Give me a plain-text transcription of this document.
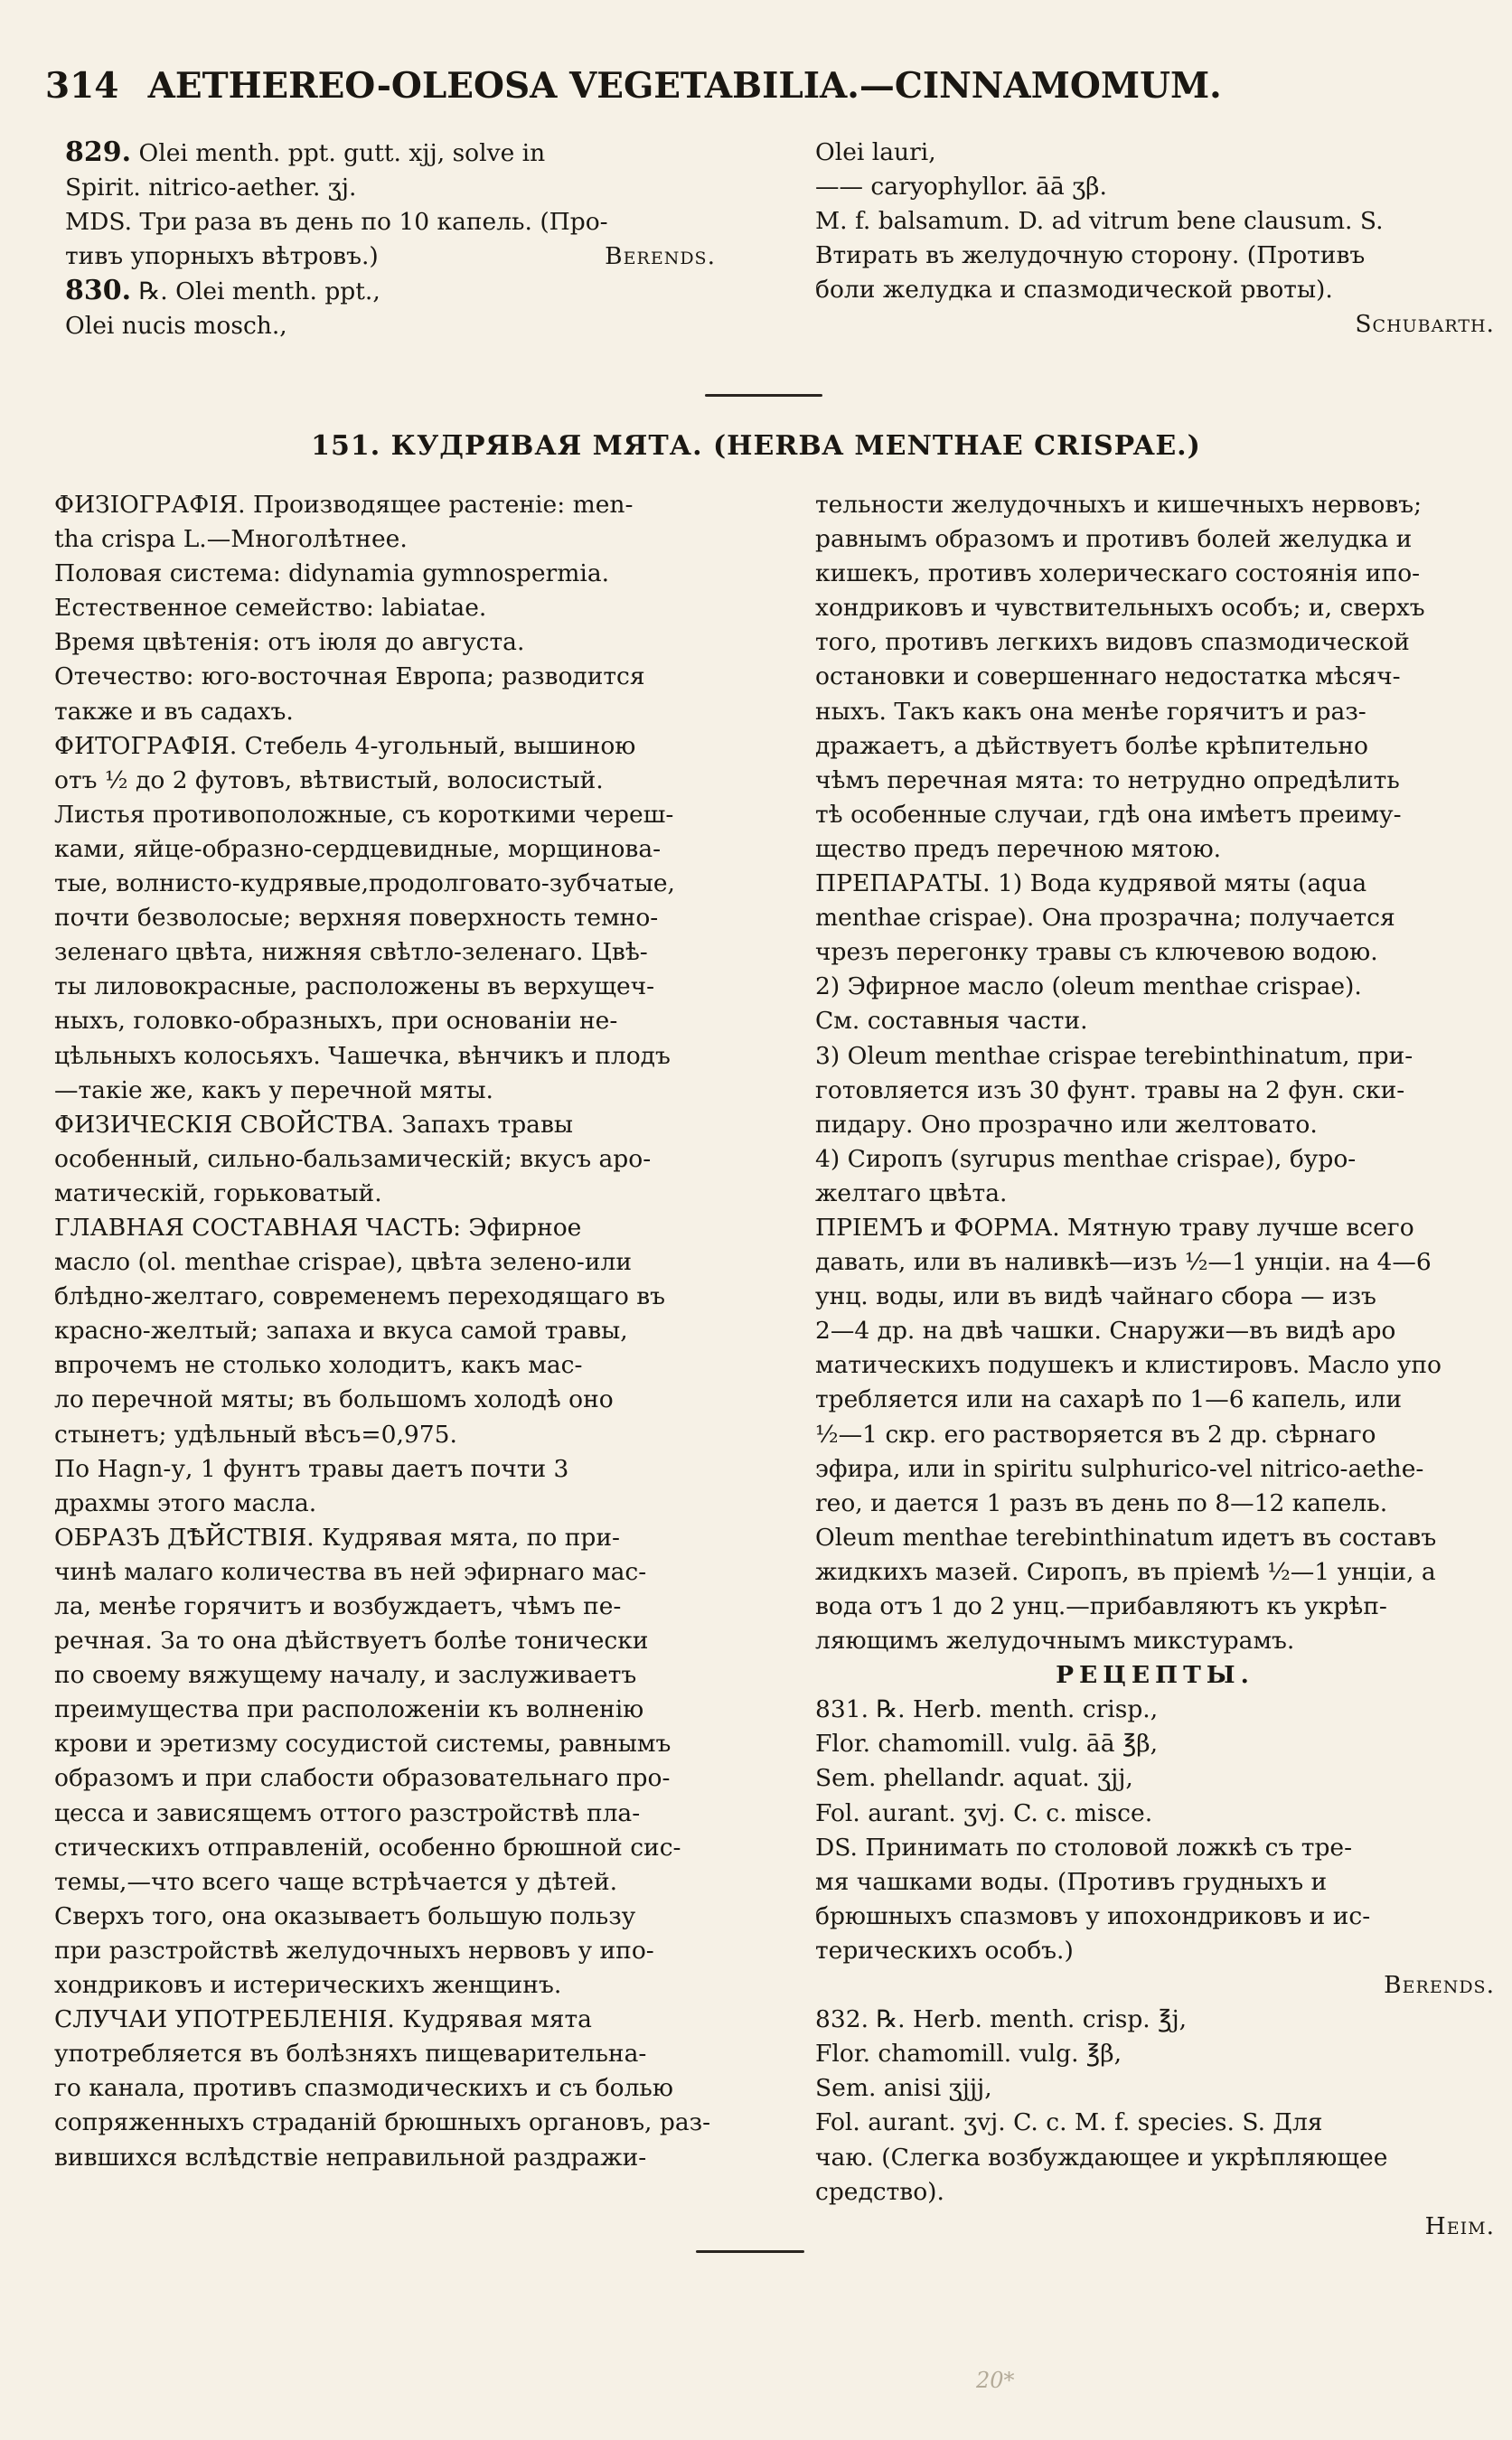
314 AETHEREO-OLEOSA VEGETABILIA.—CINNAMOMUM.

829. Olei menth. ppt. gutt. xjj, solve in

Spirit. nitrico-aether. ʒj.

MDS. Три раза въ день по 10 капель. (Про-

тивъ упорныхъ вѣтровъ.)	Berends.

830. ℞. Olei menth. ppt.,

Olei nucis mosch.,

Olei lauri,

—— caryophyllor. āā ʒβ.

M. f. balsamum. D. ad vitrum bene clausum. S.

Втирать въ желудочную сторону. (Противъ

боли желудка и спазмодической рвоты).

Schubarth.

151. КУДРЯВАЯ МЯТА. (HERBA MENTHAE CRISPAE.)

ФИЗІОГРАФІЯ. Производящее растеніе: men-

tha crispa L.—Многолѣтнее.

Половая система: didynamia gymnospermia.

Естественное семейство: labiatae.

Время цвѣтенія: отъ іюля до августа.

Отечество: юго-восточная Европа; разводится

также и въ садахъ.

ФИТОГРАФІЯ. Стебель 4-угольный, вышиною

отъ ½ до 2 футовъ, вѣтвистый, волосистый.

Листья противоположные, съ короткими череш-

ками, яйце-образно-сердцевидные, морщинова-

тые, волнисто-кудрявые,продолговато-зубчатые,

почти безволосые; верхняя поверхность темно-

зеленаго цвѣта, нижняя свѣтло-зеленаго. Цвѣ-

ты лиловокрасные, расположены въ верхущеч-

ныхъ, головко-образныхъ, при основаніи не-

цѣльныхъ колосьяхъ. Чашечка, вѣнчикъ и плодъ

—такіе же, какъ у перечной мяты.

ФИЗИЧЕСКІЯ СВОЙСТВА. Запахъ травы

особенный, сильно-бальзамическій; вкусъ аро-

матическій, горьковатый.

ГЛАВНАЯ СОСТАВНАЯ ЧАСТЬ: Эфирное

масло (ol. menthae crispae), цвѣта зелено-или

блѣдно-желтаго, современемъ переходящаго въ

красно-желтый; запаха и вкуса самой травы,

впрочемъ не столько холодитъ, какъ мас-

ло перечной мяты; въ большомъ холодѣ оно

стынетъ; удѣльный вѣсъ=0,975.

По Hagn-у, 1 фунтъ травы даетъ почти 3

драхмы этого масла.

ОБРАЗЪ ДѢЙСТВІЯ. Кудрявая мята, по при-

чинѣ малаго количества въ ней эфирнаго мас-

ла, менѣе горячитъ и возбуждаетъ, чѣмъ пе-

речная. За то она дѣйствуетъ болѣе тонически

по своему вяжущему началу, и заслуживаетъ

преимущества при расположеніи къ волненію

крови и эретизму сосудистой системы, равнымъ

образомъ и при слабости образовательнаго про-

цесса и зависящемъ оттого разстройствѣ пла-

стическихъ отправленій, особенно брюшной сис-

темы,—что всего чаще встрѣчается у дѣтей.

Сверхъ того, она оказываетъ большую пользу

при разстройствѣ желудочныхъ нервовъ у ипо-

хондриковъ и истерическихъ женщинъ.

СЛУЧАИ УПОТРЕБЛЕНІЯ. Кудрявая мята

употребляется въ болѣзняхъ пищеварительна-

го канала, противъ спазмодическихъ и съ болью

сопряженныхъ страданій брюшныхъ органовъ, раз-

вившихся вслѣдствіе неправильной раздражи-

тельности желудочныхъ и кишечныхъ нервовъ;

равнымъ образомъ и противъ болей желудка и

кишекъ, противъ холерическаго состоянія ипо-

хондриковъ и чувствительныхъ особъ; и, сверхъ

того, противъ легкихъ видовъ спазмодической

остановки и совершеннаго недостатка мѣсяч-

ныхъ. Такъ какъ она менѣе горячитъ и раз-

дражаетъ, а дѣйствуетъ болѣе крѣпительно

чѣмъ перечная мята: то нетрудно опредѣлить

тѣ особенные случаи, гдѣ она имѣетъ преиму-

щество предъ перечною мятою.

ПРЕПАРАТЫ. 1) Вода кудрявой мяты (aqua

menthae crispae). Она прозрачна; получается

чрезъ перегонку травы съ ключевою водою.

2) Эфирное масло (oleum menthae crispae).

См. составныя части.

3) Oleum menthae crispae terebinthinatum, при-

готовляется изъ 30 фунт. травы на 2 фун. ски-

пидару. Оно прозрачно или желтовато.

4) Сиропъ (syrupus menthae crispae), буро-

желтаго цвѣта.

ПРІЕМЪ и ФОРМА. Мятную траву лучше всего

давать, или въ наливкѣ—изъ ½—1 унціи. на 4—6

унц. воды, или въ видѣ чайнаго сбора — изъ

2—4 др. на двѣ чашки. Снаружи—въ видѣ аро

матическихъ подушекъ и клистировъ. Масло упо

требляется или на сахарѣ по 1—6 капель, или

½—1 скр. его растворяется въ 2 др. сѣрнаго

эфира, или in spiritu sulphurico-vel nitrico-aethe-

reo, и дается 1 разъ въ день по 8—12 капель.

Oleum menthae terebinthinatum идетъ въ составъ

жидкихъ мазей. Сиропъ, въ пріемѣ ½—1 унціи, а

вода отъ 1 до 2 унц.—прибавляютъ къ укрѣп-

ляющимъ желудочнымъ микстурамъ.

РЕЦЕПТЫ.

831. ℞. Herb. menth. crisp.,

Flor. chamomill. vulg. āā ℥β,

Sem. phellandr. aquat. ʒjj,

Fol. aurant. ʒvj. C. c. misce.

DS. Принимать по столовой ложкѣ съ тре-

мя чашками воды. (Противъ грудныхъ и

брюшныхъ спазмовъ у ипохондриковъ и ис-

терическихъ особъ.)

Berends.

832. ℞. Herb. menth. crisp. ℥j,

Flor. chamomill. vulg. ℥β,

Sem. anisi ʒjjj,

Fol. aurant. ʒvj. C. c. M. f. species. S. Для

чаю. (Слегка возбуждающее и укрѣпляющее

средство).

Heim.

20*
